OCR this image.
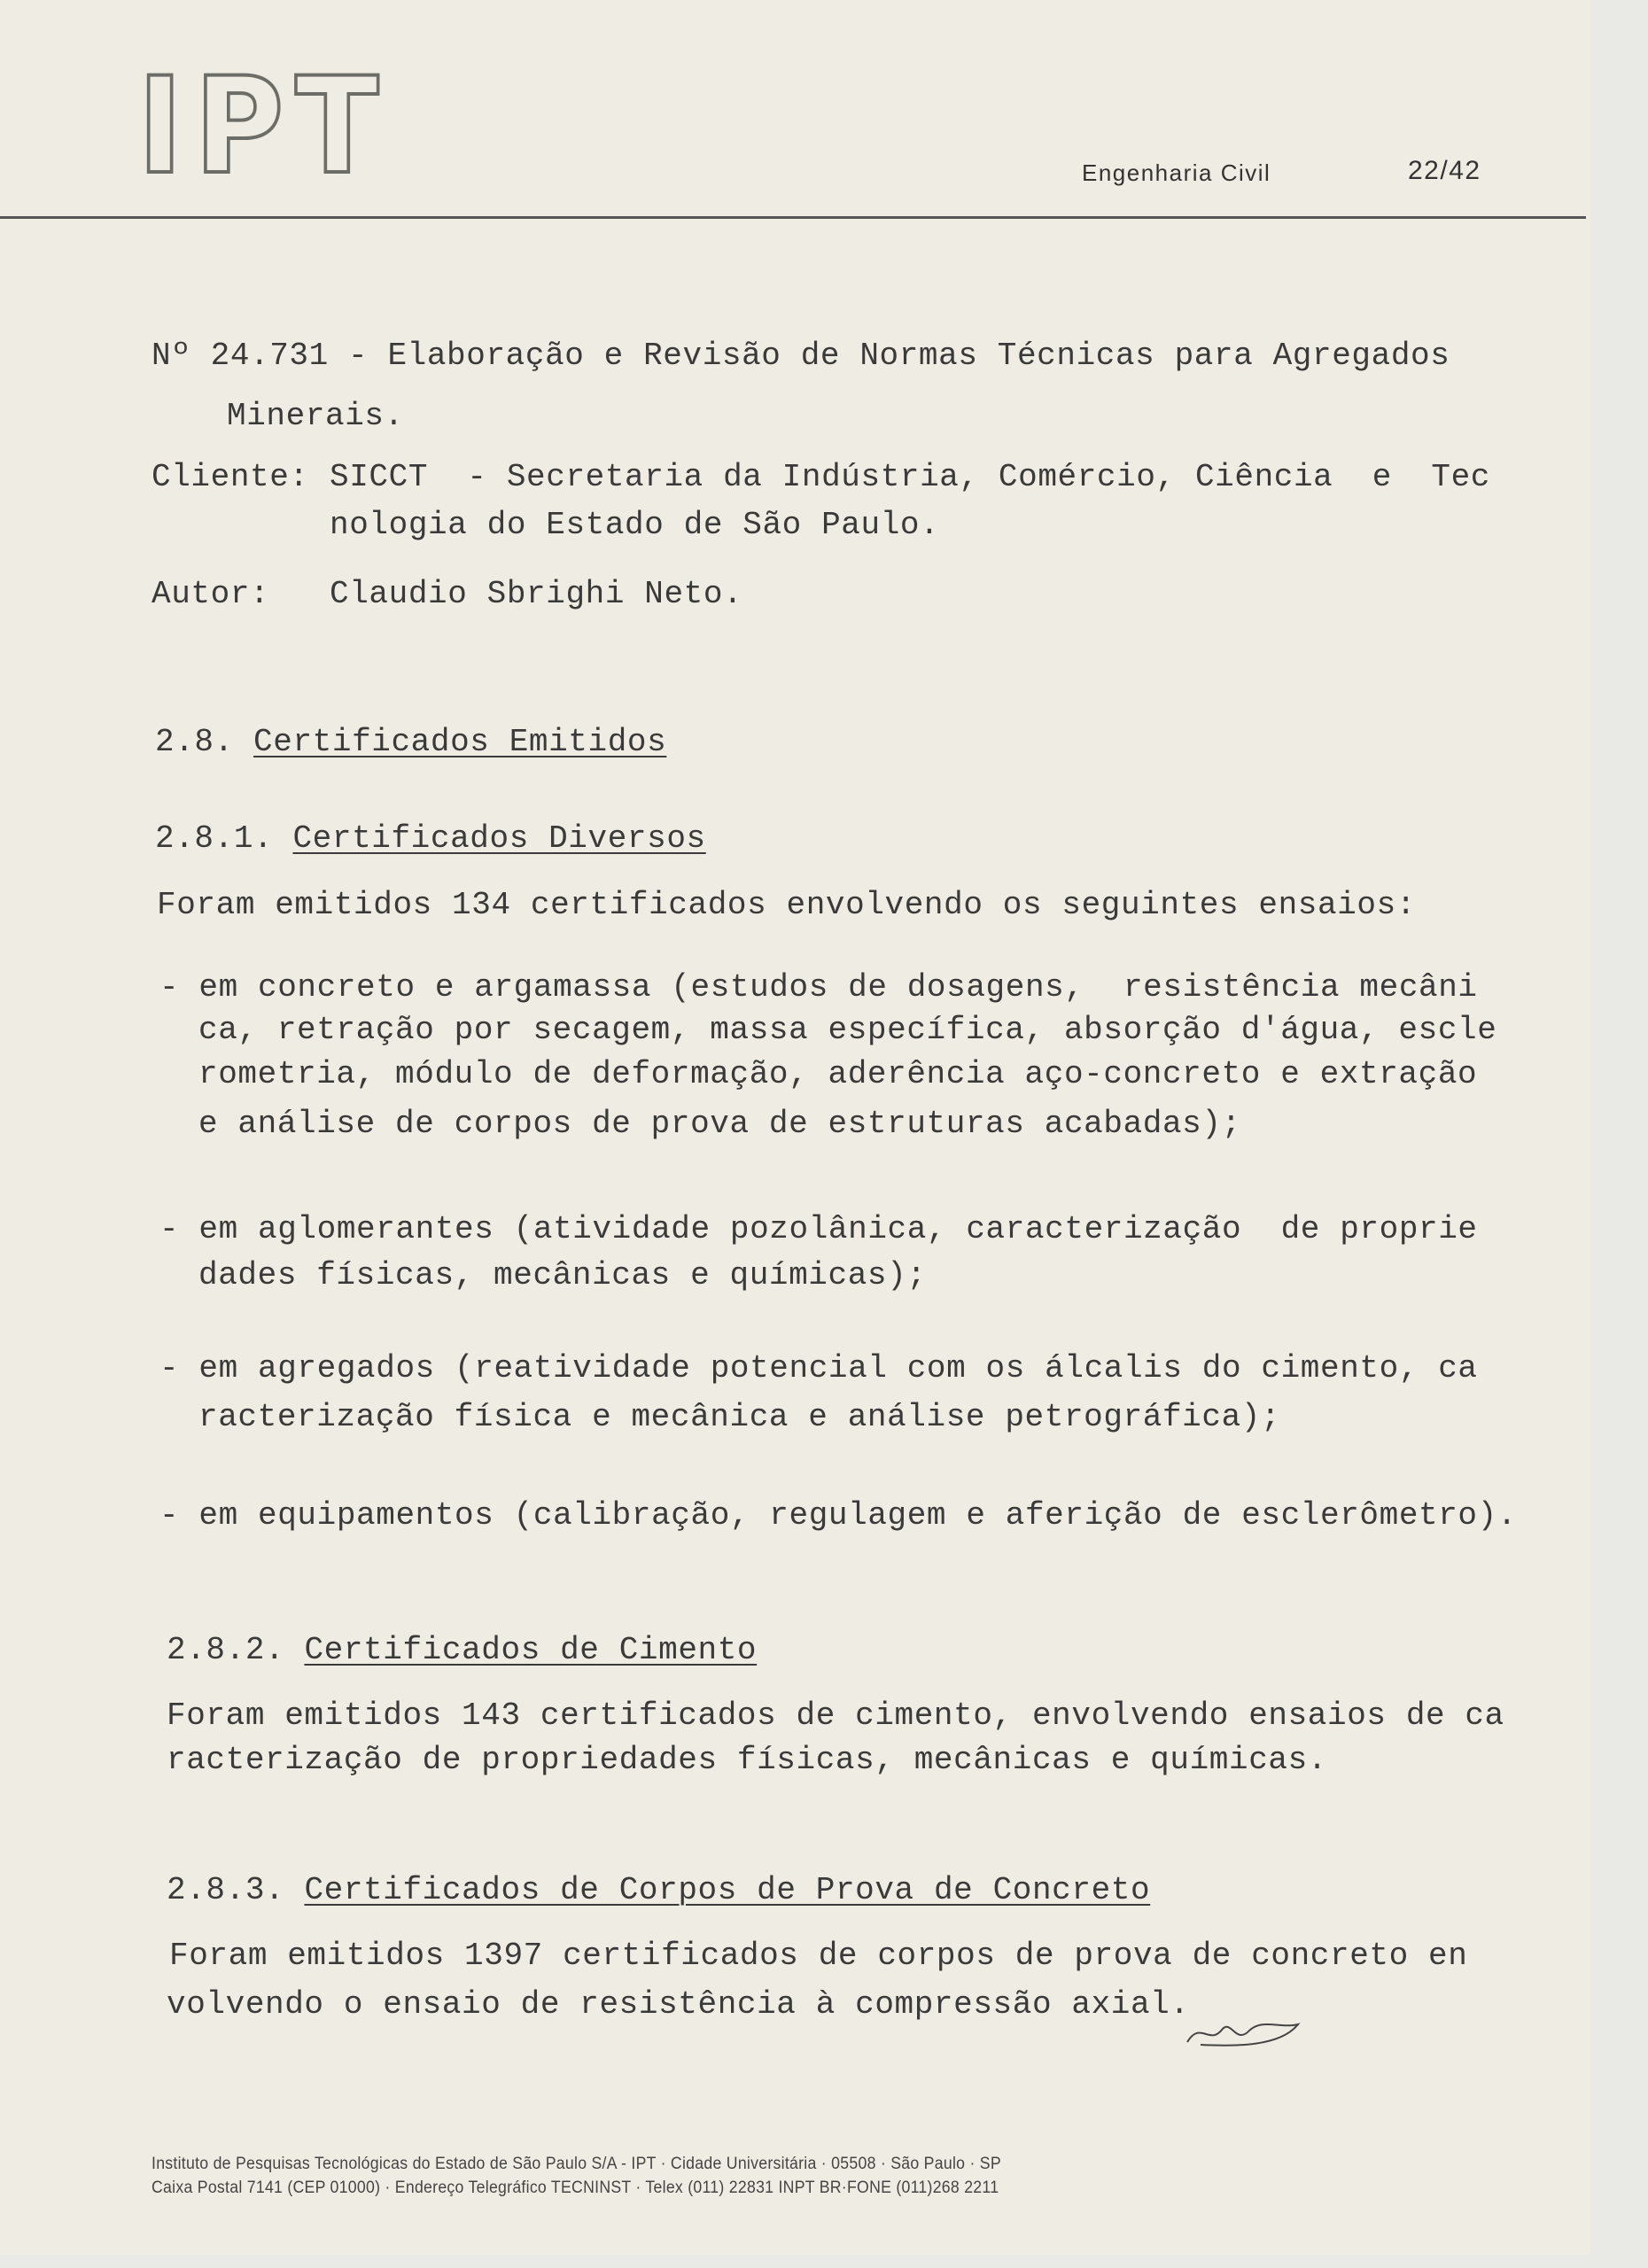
IPT	Engenharia Civil	22/42
Nº 24.731 - Elaboração e Revisão de Normas Técnicas para Agregados
Minerais.
Cliente: SICCT  - Secretaria da Indústria, Comércio, Ciência  e  Tec
nologia do Estado de São Paulo.
Autor: Claudio Sbrighi Neto.
2.8. Certificados Emitidos
2.8.1. Certificados Diversos
Foram emitidos 134 certificados envolvendo os seguintes ensaios:
- em concreto e argamassa (estudos de dosagens,  resistência mecâni
ca, retração por secagem, massa específica, absorção d'água, escle
rometria, módulo de deformação, aderência aço-concreto e extração
e análise de corpos de prova de estruturas acabadas);
- em aglomerantes (atividade pozolânica, caracterização  de proprie
dades físicas, mecânicas e químicas);
- em agregados (reatividade potencial com os álcalis do cimento, ca
racterização física e mecânica e análise petrográfica);
- em equipamentos (calibração, regulagem e aferição de esclerômetro).
2.8.2. Certificados de Cimento
Foram emitidos 143 certificados de cimento, envolvendo ensaios de ca
racterização de propriedades físicas, mecânicas e químicas.
2.8.3. Certificados de Corpos de Prova de Concreto
Foram emitidos 1397 certificados de corpos de prova de concreto en
volvendo o ensaio de resistência à compressão axial.
Instituto de Pesquisas Tecnológicas do Estado de São Paulo S/A - IPT · Cidade Universitária · 05508 · São Paulo · SP
Caixa Postal 7141 (CEP 01000) · Endereço Telegráfico TECNINST · Telex (011) 22831 INPT BR·FONE (011)268 2211
